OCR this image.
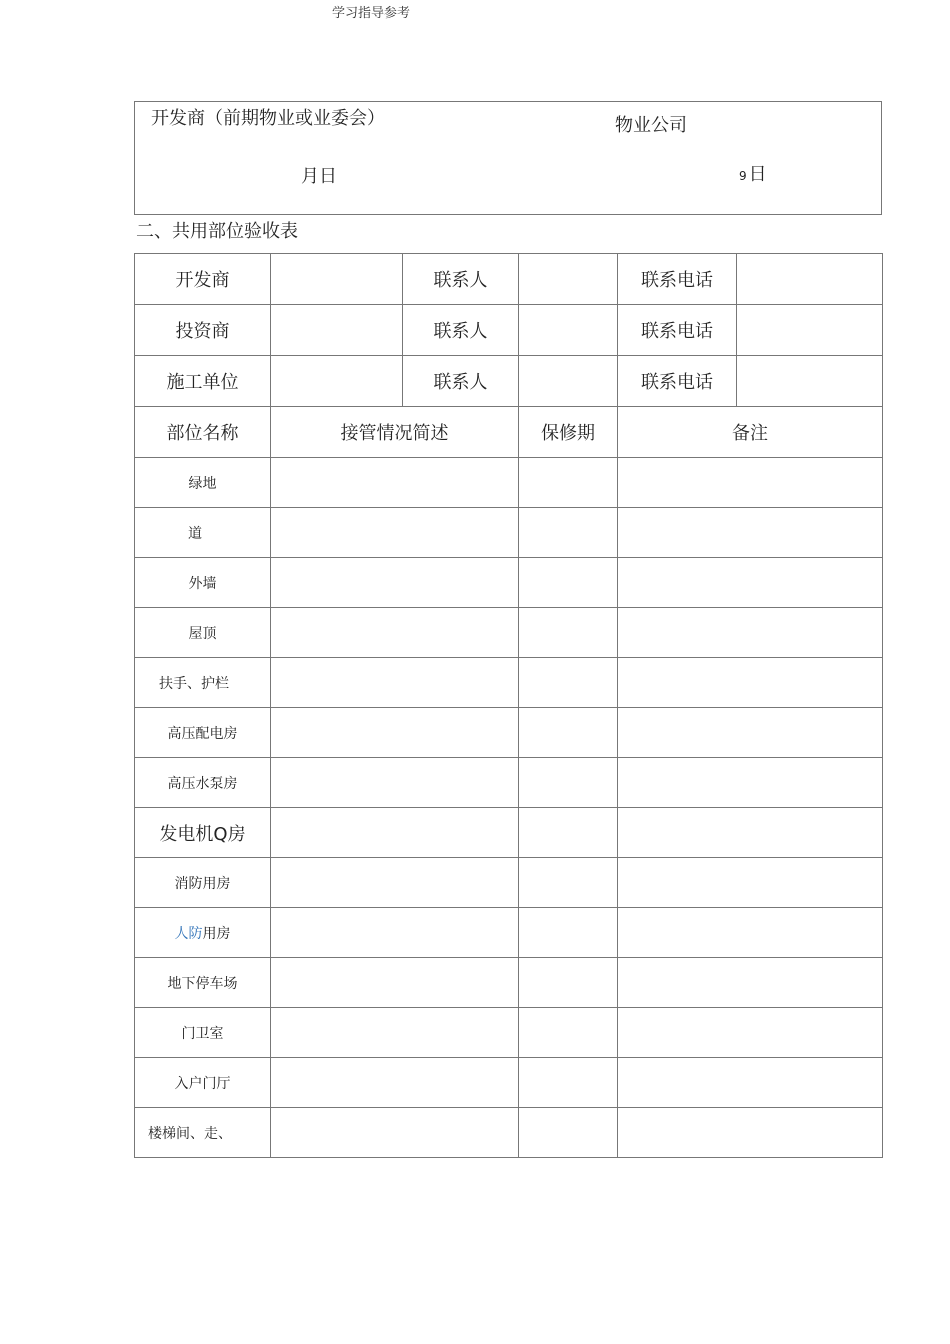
学习指导参考
开发商（前期物业或业委会）	物业公司
月日	9 日
二、共用部位验收表
开发商		联系人		联系电话	
投资商		联系人		联系电话	
施工单位		联系人		联系电话	
部位名称	接管情况简述		保修期	备注	
绿地					
道					
外墙					
屋顶					
扶手、护栏					
高压配电房					
高压水泵房					
发电机Q房					
消防用房					
人防用房					
地下停车场					
门卫室					
入户门厅					
楼梯间、走、					
